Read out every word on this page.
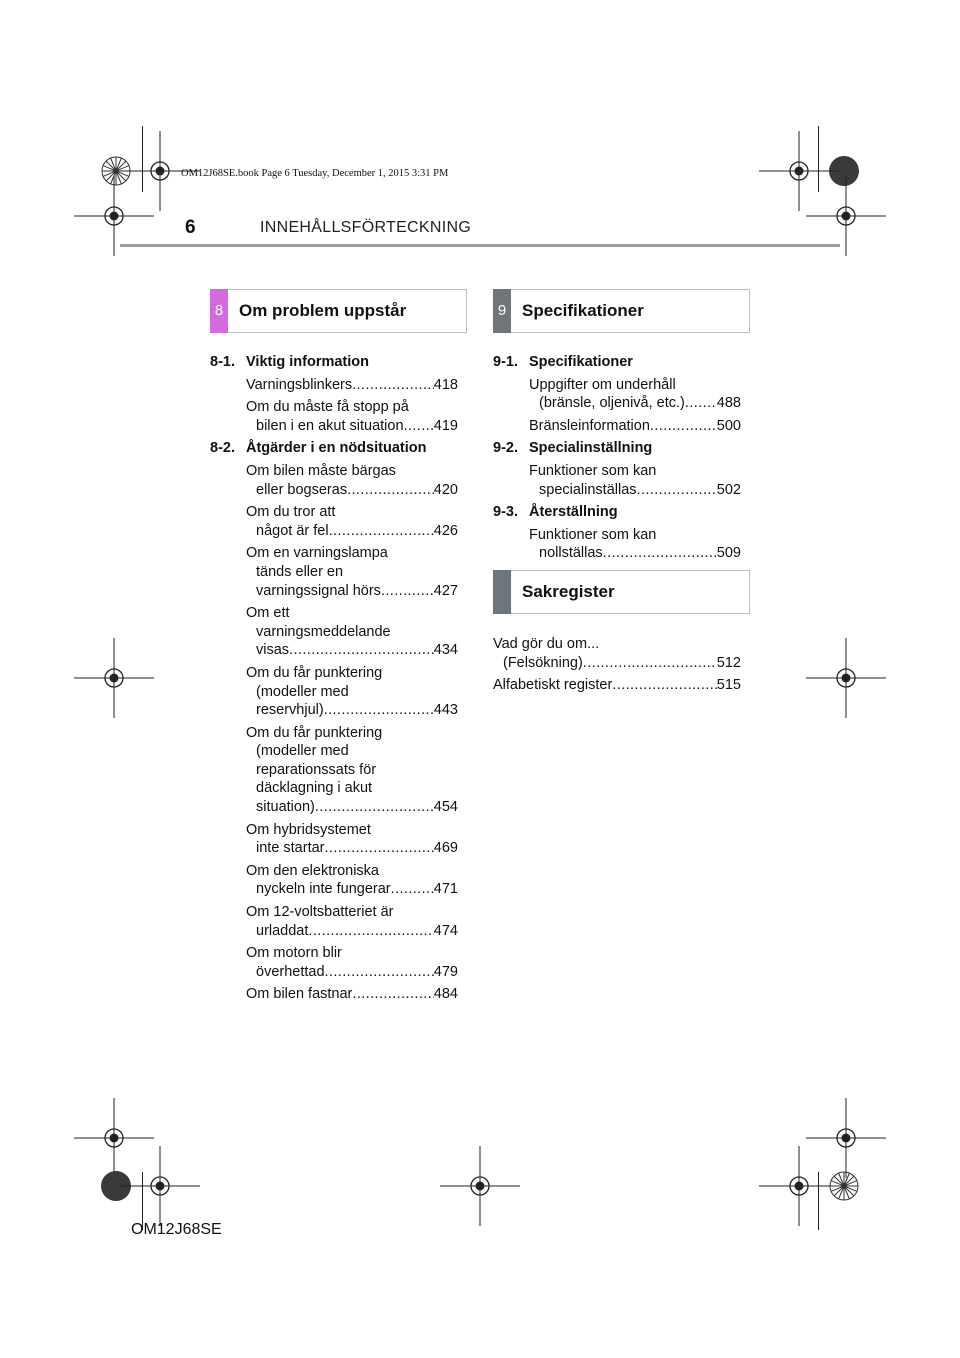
OM12J68SE.book Page 6 Tuesday, December 1, 2015 3:31 PM
6	INNEHÅLLSFÖRTECKNING
8 Om problem uppstår	9 Specifikationer
Sakregister
8-1. Viktig information
Varningsblinkers .....	418
Om du måste få stopp på
bilen i en akut situation ..... 419
8-2. Åtgärder i en nödsituation
Om bilen måste bärgas
eller bogseras .....	420
Om du tror att
något är fel .....	426
Om en varningslampa
tänds eller en
varningssignal hörs .....	427
Om ett
varningsmeddelande
visas .....	434
Om du får punktering
(modeller med
reservhjul) .....	443
Om du får punktering
(modeller med
reparationssats för
däcklagning i akut
situation) .....	454
Om hybridsystemet
inte startar .....	469
Om den elektroniska
nyckeln inte fungerar .....	471
Om 12-voltsbatteriet är
urladdat .....	474
Om motorn blir
överhettad .....	479
Om bilen fastnar .....	484
9-1. Specifikationer
Uppgifter om underhåll
(bränsle, oljenivå, etc.) ..... 488
Bränsleinformation .....	500
9-2. Specialinställning
Funktioner som kan
specialinställas .....	502
9-3. Återställning
Funktioner som kan
nollställas .....	509
Vad gör du om...
(Felsökning) .....	512
Alfabetiskt register .....	515
OM12J68SE
